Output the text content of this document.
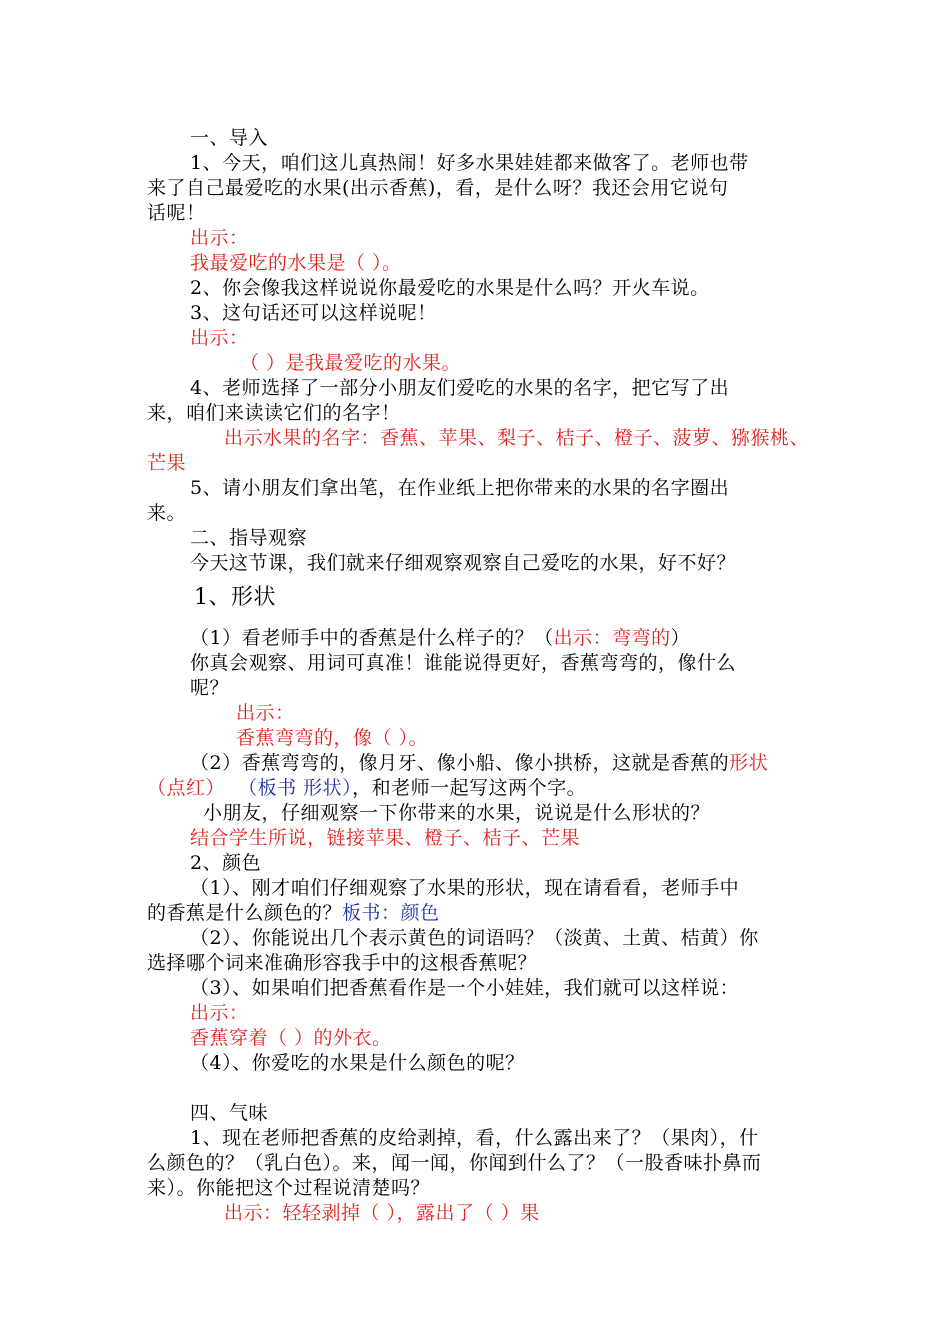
一、导入
1、今天，咱们这儿真热闹！好多水果娃娃都来做客了。老师也带
来了自己最爱吃的水果(出示香蕉)，看，是什么呀？我还会用它说句
话呢！
出示：
我最爱吃的水果是（ ）。
2、你会像我这样说说你最爱吃的水果是什么吗？开火车说。
3、这句话还可以这样说呢！
出示：
（ ）是我最爱吃的水果。
4、老师选择了一部分小朋友们爱吃的水果的名字，把它写了出
来，咱们来读读它们的名字！
出示水果的名字：香蕉、苹果、梨子、桔子、橙子、菠萝、猕猴桃、
芒果
5、请小朋友们拿出笔，在作业纸上把你带来的水果的名字圈出
来。
二、指导观察
今天这节课，我们就来仔细观察观察自己爱吃的水果，好不好？
1、形状
（1）看老师手中的香蕉是什么样子的？（出示：弯弯的）
你真会观察、用词可真准！谁能说得更好，香蕉弯弯的，像什么
呢？
出示：
香蕉弯弯的，像（ ）。
（2）香蕉弯弯的，像月牙、像小船、像小拱桥，这就是香蕉的形状
（点红） （板书 形状），和老师一起写这两个字。
小朋友，仔细观察一下你带来的水果，说说是什么形状的？
结合学生所说，链接苹果、橙子、桔子、芒果
2、颜色
（1）、刚才咱们仔细观察了水果的形状，现在请看看，老师手中
的香蕉是什么颜色的？板书：颜色
（2）、你能说出几个表示黄色的词语吗？（淡黄、土黄、桔黄）你
选择哪个词来准确形容我手中的这根香蕉呢？
（3）、如果咱们把香蕉看作是一个小娃娃，我们就可以这样说：
出示：
香蕉穿着（ ）的外衣。
（4）、你爱吃的水果是什么颜色的呢？
四、气味
1、现在老师把香蕉的皮给剥掉，看，什么露出来了？（果肉），什
么颜色的？（乳白色）。来，闻一闻，你闻到什么了？（一股香味扑鼻而
来）。你能把这个过程说清楚吗？
出示：轻轻剥掉（ ），露出了（ ）果
